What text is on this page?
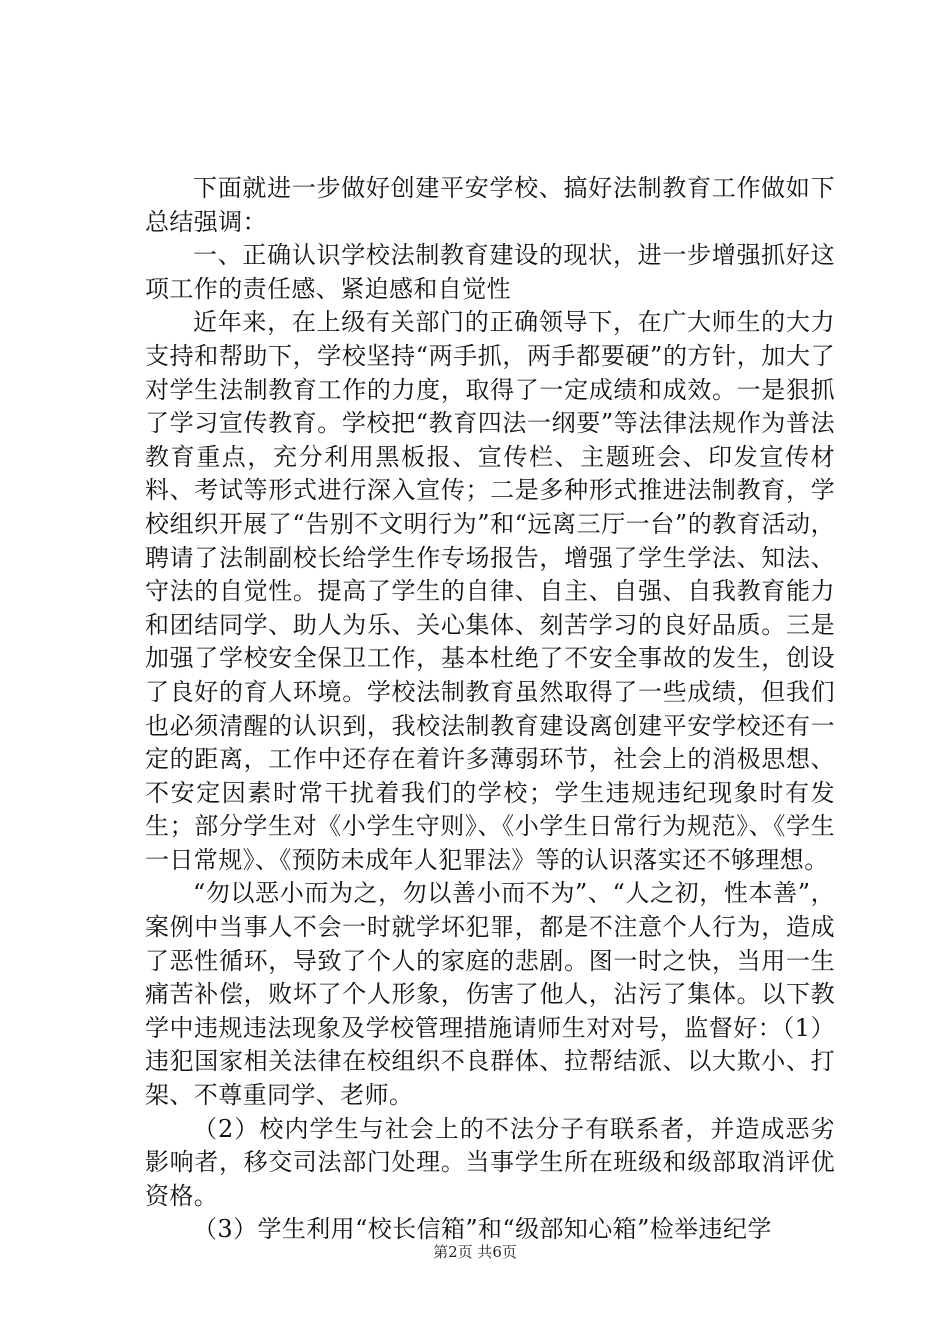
下面就进一步做好创建平安学校、搞好法制教育工作做如下总结强调：

一、正确认识学校法制教育建设的现状，进一步增强抓好这项工作的责任感、紧迫感和自觉性

近年来，在上级有关部门的正确领导下，在广大师生的大力支持和帮助下，学校坚持“两手抓，两手都要硬”的方针，加大了对学生法制教育工作的力度，取得了一定成绩和成效。一是狠抓了学习宣传教育。学校把“教育四法一纲要”等法律法规作为普法教育重点，充分利用黑板报、宣传栏、主题班会、印发宣传材料、考试等形式进行深入宣传；二是多种形式推进法制教育，学校组织开展了“告别不文明行为”和“远离三厅一台”的教育活动，聘请了法制副校长给学生作专场报告，增强了学生学法、知法、守法的自觉性。提高了学生的自律、自主、自强、自我教育能力和团结同学、助人为乐、关心集体、刻苦学习的良好品质。三是加强了学校安全保卫工作，基本杜绝了不安全事故的发生，创设了良好的育人环境。学校法制教育虽然取得了一些成绩，但我们也必须清醒的认识到，我校法制教育建设离创建平安学校还有一定的距离，工作中还存在着许多薄弱环节，社会上的消极思想、不安定因素时常干扰着我们的学校；学生违规违纪现象时有发生；部分学生对《小学生守则》、《小学生日常行为规范》、《学生一日常规》、《预防未成年人犯罪法》等的认识落实还不够理想。

“勿以恶小而为之，勿以善小而不为”、“人之初，性本善”，案例中当事人不会一时就学坏犯罪，都是不注意个人行为，造成了恶性循环，导致了个人的家庭的悲剧。图一时之快，当用一生痛苦补偿，败坏了个人形象，伤害了他人，沾污了集体。以下教学中违规违法现象及学校管理措施请师生对对号，监督好：（1）违犯国家相关法律在校组织不良群体、拉帮结派、以大欺小、打架、不尊重同学、老师。

（2）校内学生与社会上的不法分子有联系者，并造成恶劣影响者，移交司法部门处理。当事学生所在班级和级部取消评优资格。

（3）学生利用“校长信箱”和“级部知心箱”检举违纪学

第2页 共6页
